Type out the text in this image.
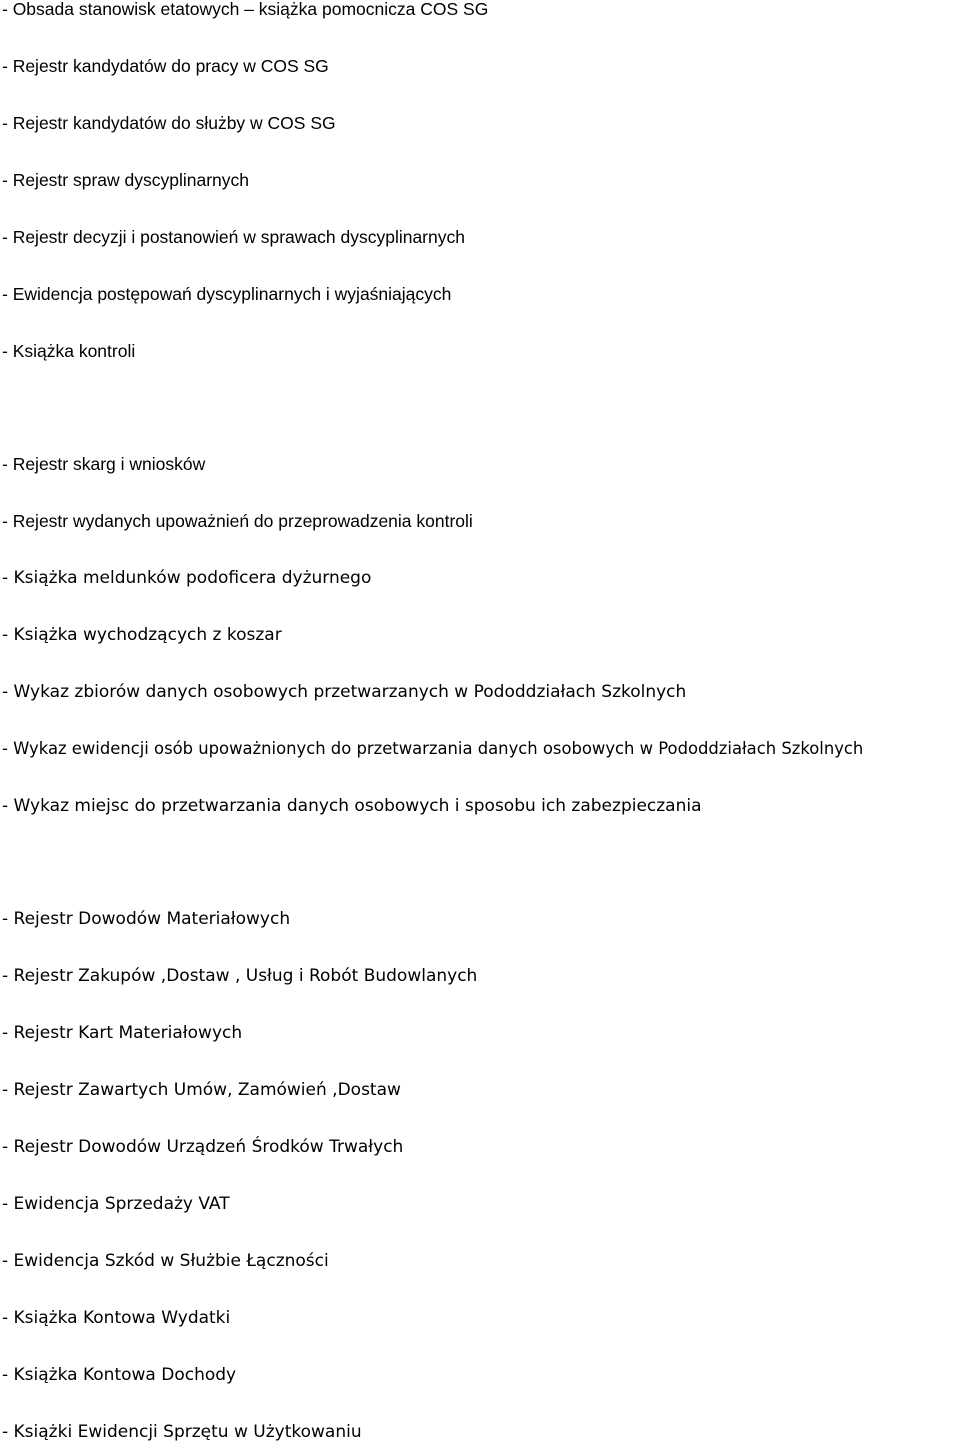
- Obsada stanowisk etatowych – książka pomocnicza COS SG
- Rejestr kandydatów do pracy w COS SG
- Rejestr kandydatów do służby w COS SG
- Rejestr spraw dyscyplinarnych
- Rejestr decyzji i postanowień w sprawach dyscyplinarnych
- Ewidencja postępowań dyscyplinarnych i wyjaśniających
- Książka kontroli
- Rejestr skarg i wniosków
- Rejestr wydanych upoważnień do przeprowadzenia kontroli
- Książka meldunków podoficera dyżurnego
- Książka wychodzących z koszar
- Wykaz zbiorów danych osobowych przetwarzanych w Pododdziałach Szkolnych
- Wykaz ewidencji osób upoważnionych do przetwarzania danych osobowych w Pododdziałach Szkolnych
- Wykaz miejsc do przetwarzania danych osobowych i sposobu ich zabezpieczania
- Rejestr Dowodów Materiałowych
- Rejestr Zakupów ,Dostaw , Usług i Robót Budowlanych
- Rejestr Kart Materiałowych
- Rejestr Zawartych Umów, Zamówień ,Dostaw
- Rejestr Dowodów Urządzeń Środków Trwałych
- Ewidencja Sprzedaży VAT
- Ewidencja Szkód w Służbie Łączności
- Książka Kontowa Wydatki
- Książka Kontowa Dochody
- Książki Ewidencji Sprzętu w Użytkowaniu
